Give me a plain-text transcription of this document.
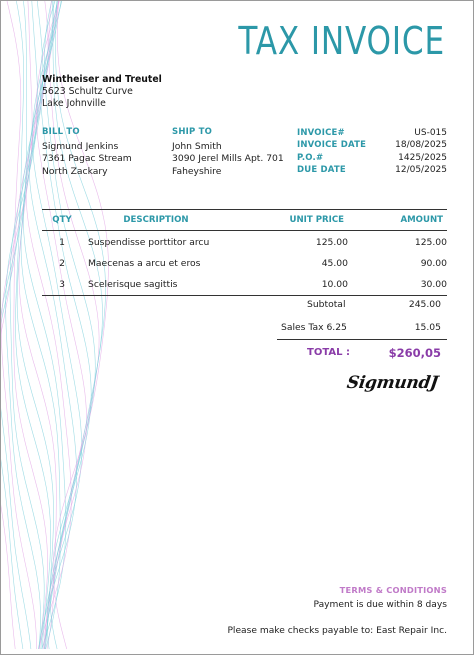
TAX INVOICE
Wintheiser and Treutel
5623 Schultz Curve
Lake Johnville
BILL TO
Sigmund Jenkins
7361 Pagac Stream
North Zackary
SHIP TO
John Smith
3090 Jerel Mills Apt. 701
Faheyshire
INVOICE#	US-015
INVOICE DATE	18/08/2025
P.O.#	1425/2025
DUE DATE	12/05/2025
QTY	DESCRIPTION	UNIT PRICE	AMOUNT
1	Suspendisse porttitor arcu	125.00	125.00
2	Maecenas a arcu et eros	45.00	90.00
3	Scelerisque sagittis	10.00	30.00
Subtotal	245.00
Sales Tax 6.25	15.05
TOTAL :	$260,05
SigmundJ
TERMS & CONDITIONS
Payment is due within 8 days
Please make checks payable to: East Repair Inc.
